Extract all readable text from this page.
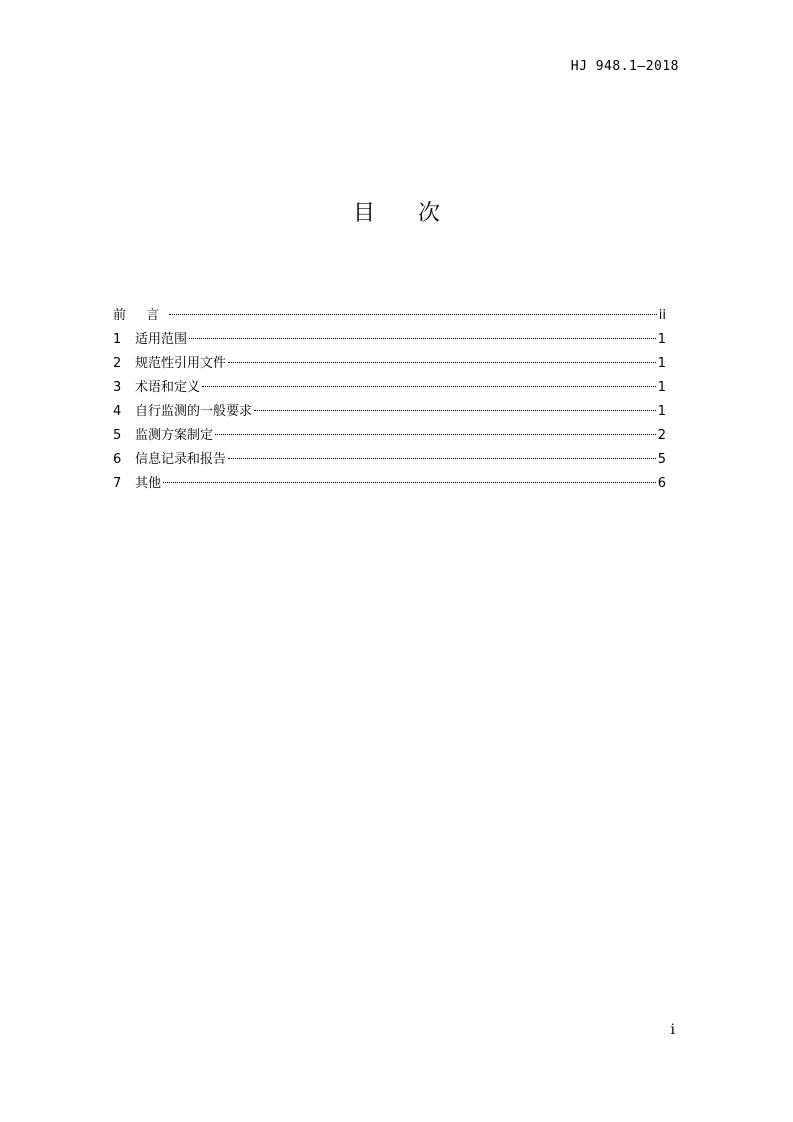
HJ 948.1—2018
目 次
前 言	ii
1	适用范围	1
2	规范性引用文件	1
3	术语和定义	1
4	自行监测的一般要求	1
5	监测方案制定	2
6	信息记录和报告	5
7	其他	6
i
